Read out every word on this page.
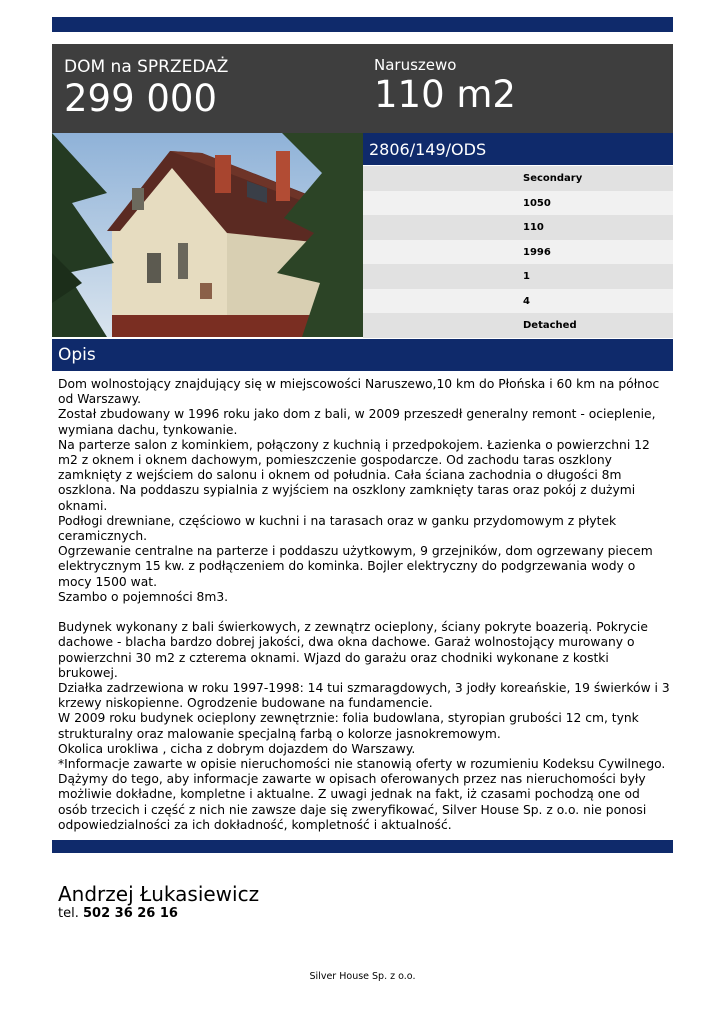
DOM na SPRZEDAŻ
299 000
Naruszewo
110 m2
2806/149/ODS
Secondary
1050
110
1996
1
4
Detached
Opis

Dom wolnostojący znajdujący się w miejscowości Naruszewo,10 km do Płońska i 60 km na północ od Warszawy.
Został zbudowany w 1996 roku jako dom z bali, w 2009 przeszedł generalny remont - ocieplenie, wymiana dachu, tynkowanie.
Na parterze salon z kominkiem, połączony z kuchnią i przedpokojem. Łazienka o powierzchni 12 m2 z oknem i oknem dachowym, pomieszczenie gospodarcze. Od zachodu taras oszklony zamknięty z wejściem do salonu i oknem od południa. Cała ściana zachodnia o długości 8m oszklona. Na poddaszu sypialnia z wyjściem na oszklony zamknięty taras oraz pokój z dużymi oknami.
Podłogi drewniane, częściowo w kuchni i na tarasach oraz w ganku przydomowym z płytek ceramicznych.
Ogrzewanie centralne na parterze i poddaszu użytkowym, 9 grzejników, dom ogrzewany piecem elektrycznym 15 kw. z podłączeniem do kominka. Bojler elektryczny do podgrzewania wody o mocy 1500 wat.
Szambo o pojemności 8m3.

Budynek wykonany z bali świerkowych, z zewnątrz ocieplony, ściany pokryte boazerią. Pokrycie dachowe - blacha bardzo dobrej jakości, dwa okna dachowe. Garaż wolnostojący murowany o powierzchni 30 m2 z czterema oknami. Wjazd do garażu oraz chodniki wykonane z kostki brukowej.
Działka zadrzewiona w roku 1997-1998: 14 tui szmaragdowych, 3 jodły koreańskie, 19 świerków i 3 krzewy niskopienne. Ogrodzenie budowane na fundamencie.
W 2009 roku budynek ocieplony zewnętrznie: folia budowlana, styropian grubości 12 cm, tynk strukturalny oraz malowanie specjalną farbą o kolorze jasnokremowym.
Okolica urokliwa , cicha z dobrym dojazdem do Warszawy.
*Informacje zawarte w opisie nieruchomości nie stanowią oferty w rozumieniu Kodeksu Cywilnego. Dążymy do tego, aby informacje zawarte w opisach oferowanych przez nas nieruchomości były możliwie dokładne, kompletne i aktualne. Z uwagi jednak na fakt, iż czasami pochodzą one od osób trzecich i część z nich nie zawsze daje się zweryfikować, Silver House Sp. z o.o. nie ponosi odpowiedzialności za ich dokładność, kompletność i aktualność.

Andrzej Łukasiewicz
tel. 502 36 26 16
Silver House Sp. z o.o.
